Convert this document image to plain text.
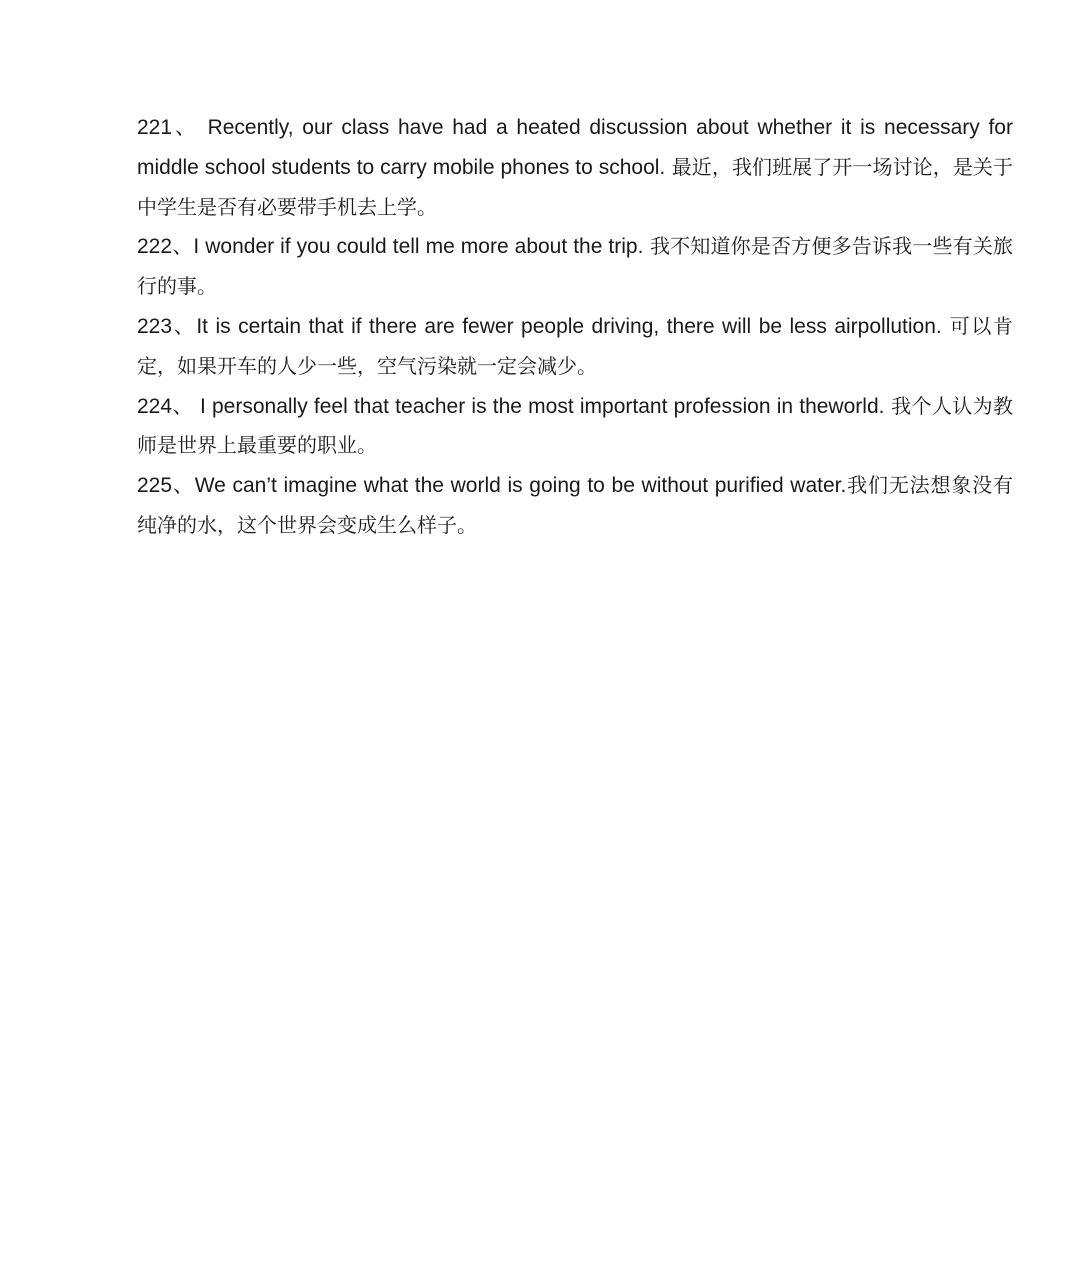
221、 Recently, our class have had a heated discussion about whether it is necessary for middle school students to carry mobile phones to school. 最近，我们班展了开一场讨论，是关于中学生是否有必要带手机去上学。

222、I wonder if you could tell me more about the trip. 我不知道你是否方便多告诉我一些有关旅行的事。

223、It is certain that if there are fewer people driving, there will be less airpollution. 可以肯定，如果开车的人少一些，空气污染就一定会减少。

224、 I personally feel that teacher is the most important profession in theworld. 我个人认为教师是世界上最重要的职业。

225、We can’t imagine what the world is going to be without purified water.我们无法想象没有纯净的水，这个世界会变成生么样子。
